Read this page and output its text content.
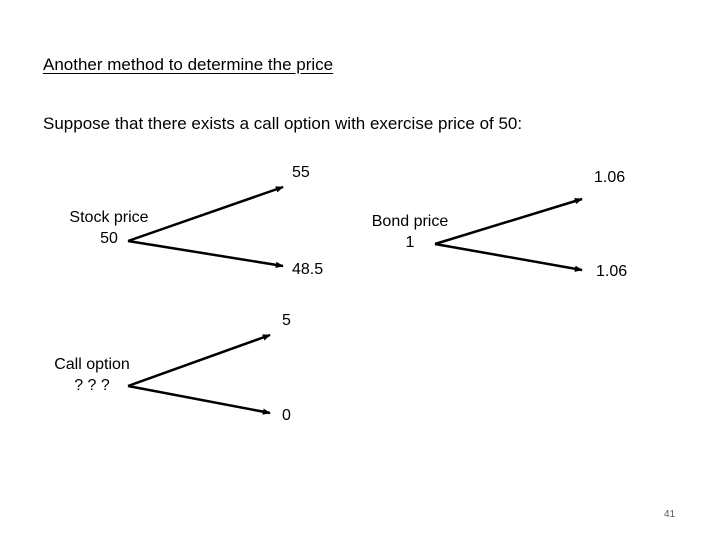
Another method to determine the price
Suppose that there exists a call option with exercise price of 50:
Stock price
50
55
48.5
Bond price
1
1.06
1.06
Call option
? ? ?
5
0
41
